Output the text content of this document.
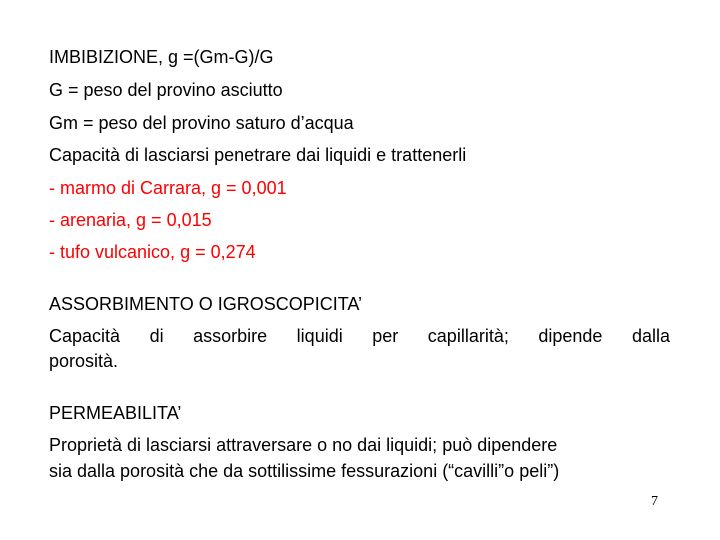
IMBIBIZIONE, g =(Gm-G)/G
G = peso del provino asciutto
Gm = peso del provino saturo d’acqua
Capacità di lasciarsi penetrare dai liquidi e trattenerli
- marmo di Carrara, g = 0,001
- arenaria, g = 0,015
- tufo vulcanico, g = 0,274
ASSORBIMENTO O IGROSCOPICITA’
Capacità di assorbire liquidi per capillarità; dipende dalla
porosità.
PERMEABILITA’
Proprietà di lasciarsi attraversare o no dai liquidi; può dipendere
sia dalla porosità che da sottilissime fessurazioni (“cavilli”o peli”)
7
